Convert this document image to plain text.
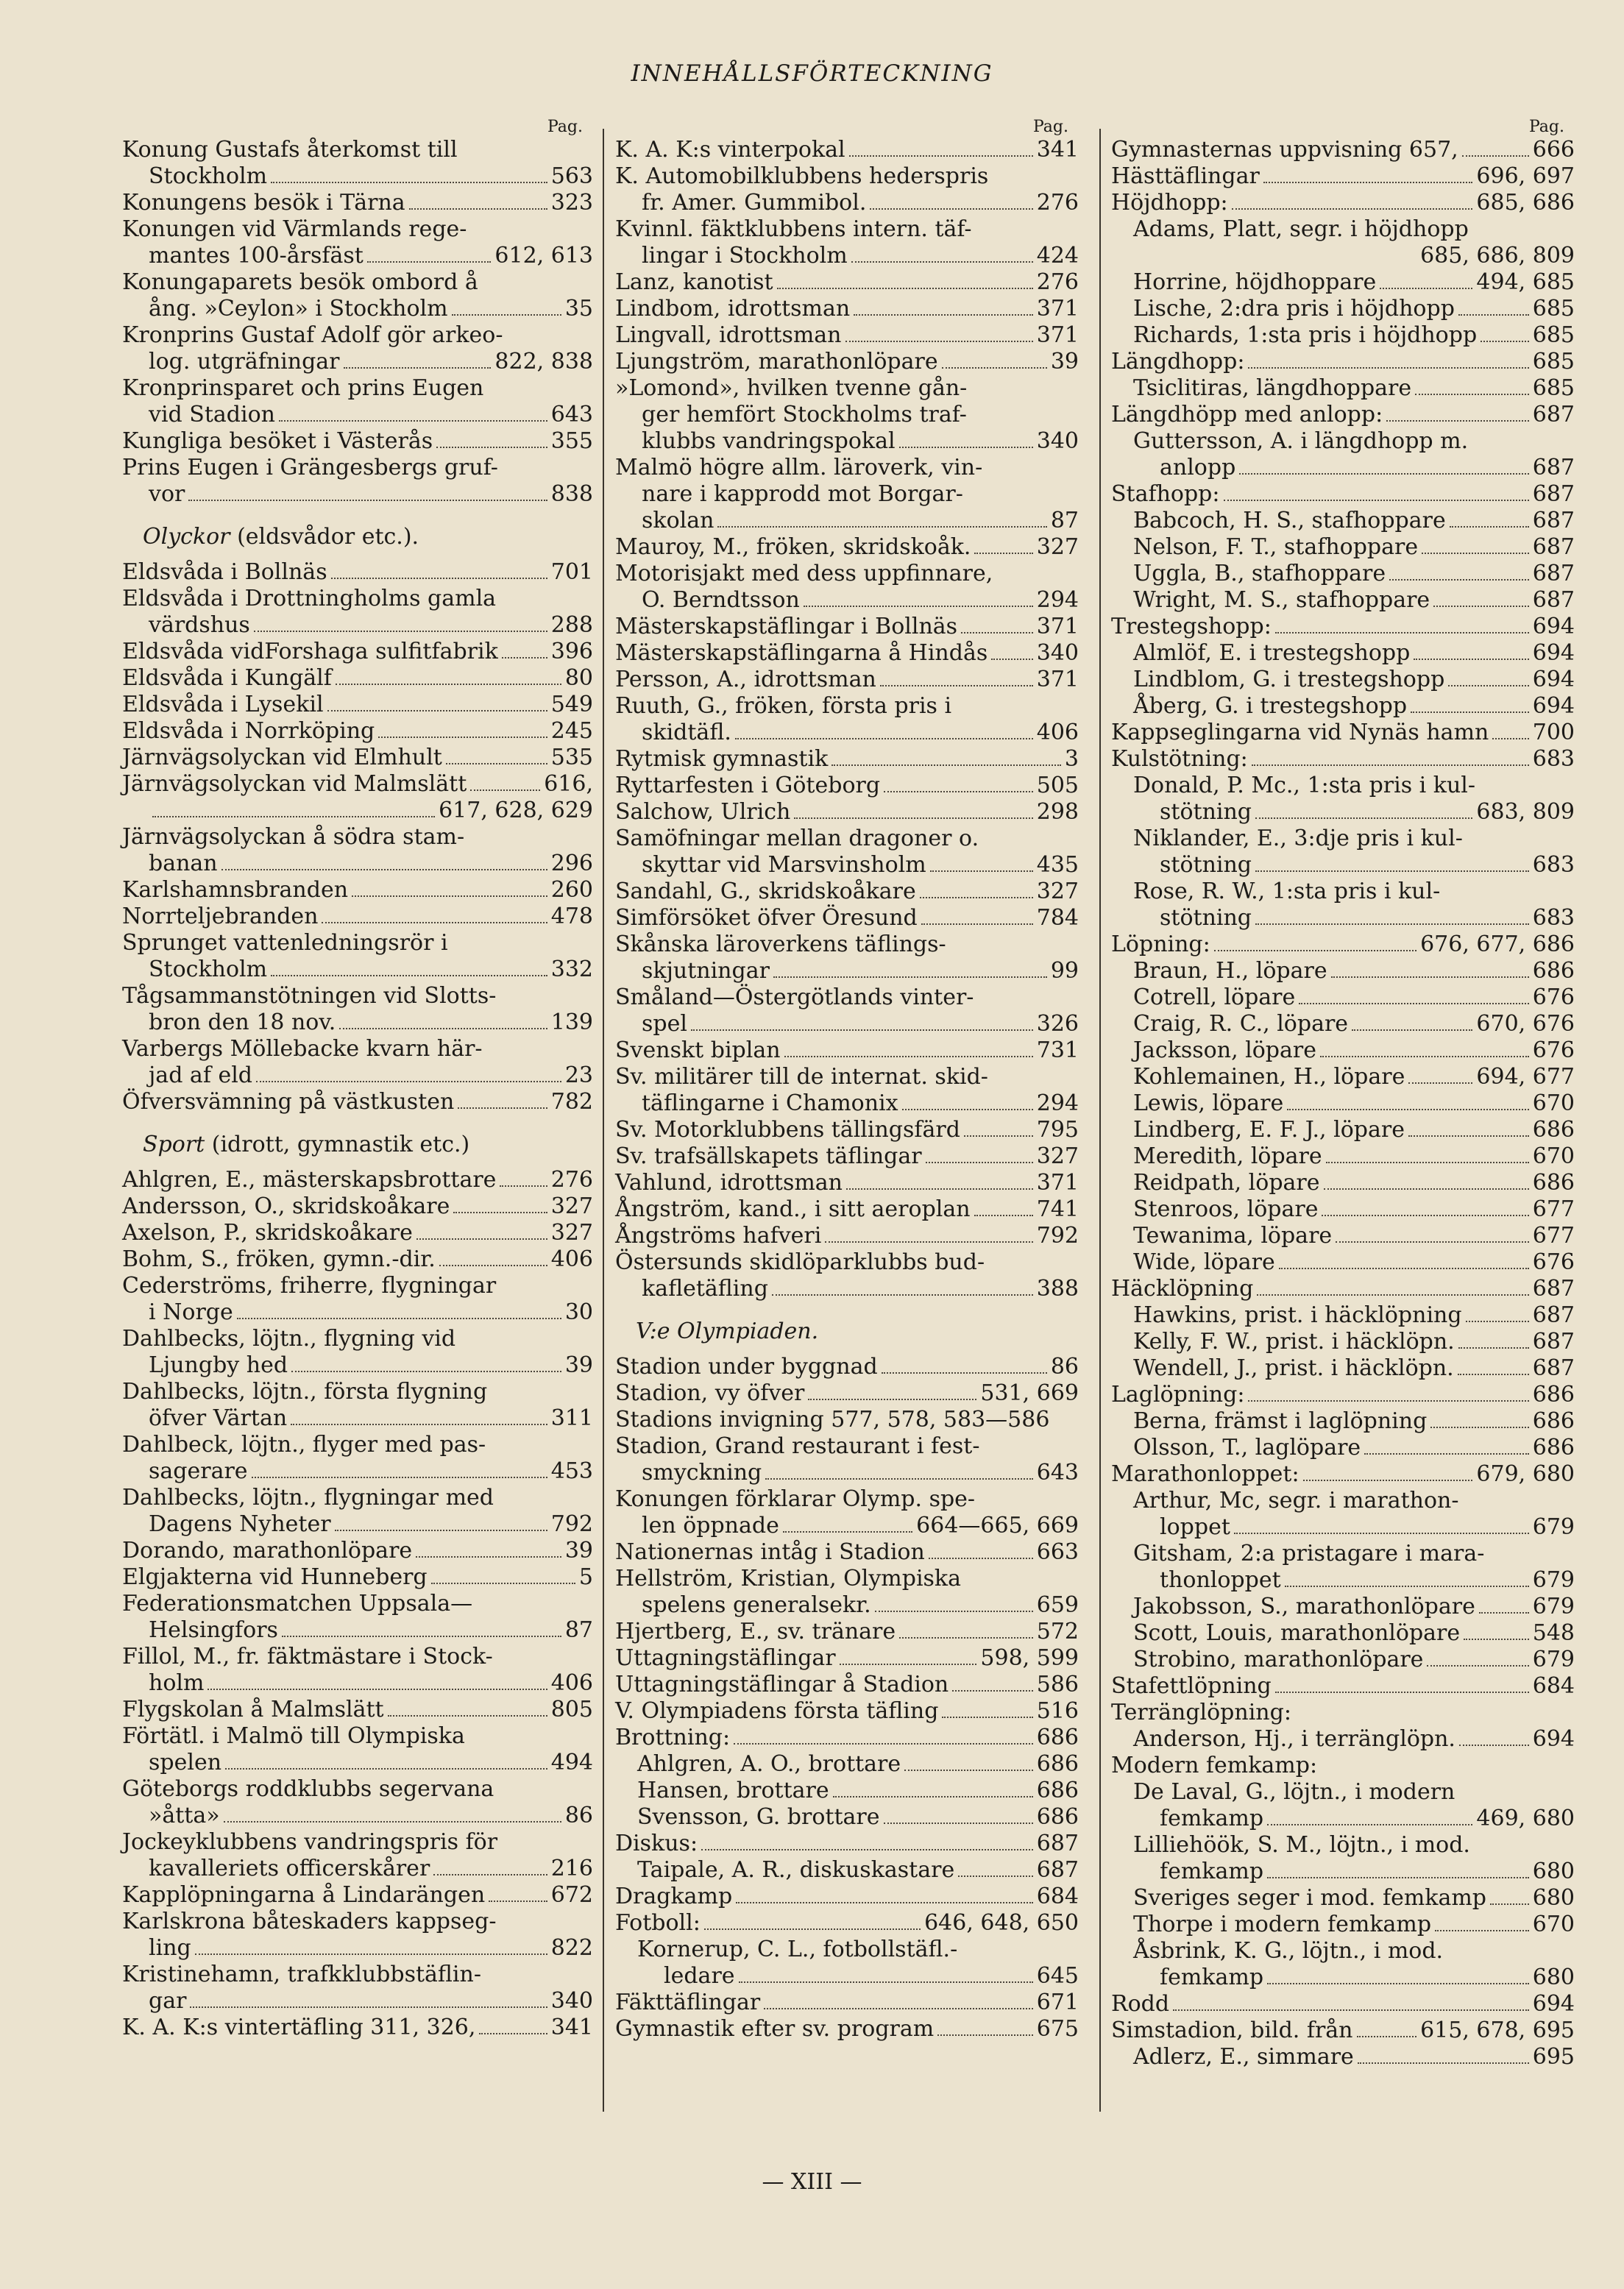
INNEHÅLLSFÖRTECKNING
Pag.
Konung Gustafs återkomst till
Stockholm	563
Konungens besök i Tärna	323
Konungen vid Värmlands rege-
mantes 100-årsfäst	612, 613
Konungaparets besök ombord å
ång. »Ceylon» i Stockholm	35
Kronprins Gustaf Adolf gör arkeo-
log. utgräfningar	822, 838
Kronprinsparet och prins Eugen
vid Stadion	643
Kungliga besöket i Västerås	355
Prins Eugen i Grängesbergs gruf-
vor	838
Olyckor (eldsvådor etc.).
Eldsvåda i Bollnäs	701
Eldsvåda i Drottningholms gamla
värdshus	288
Eldsvåda vidForshaga sulfitfabrik 396
Eldsvåda i Kungälf	80
Eldsvåda i Lysekil	549
Eldsvåda i Norrköping	245
Järnvägsolyckan vid Elmhult	535
Järnvägsolyckan vid Malmslätt	616,
617, 628, 629
Järnvägsolyckan å södra stam-
banan	296
Karlshamnsbranden	260
Norrteljebranden	478
Sprunget vattenledningsrör i
Stockholm	332
Tågsammanstötningen vid Slotts-
bron den 18 nov.	139
Varbergs Möllebacke kvarn här-
jad af eld	23
Öfversvämning på västkusten	782
Sport (idrott, gymnastik etc.)
Ahlgren, E., mästerskapsbrottare 276
Andersson, O., skridskoåkare	327
Axelson, P., skridskoåkare	327
Bohm, S., fröken, gymn.-dir.	406
Cederströms, friherre, flygningar
i Norge	30
Dahlbecks, löjtn., flygning vid
Ljungby hed	39
Dahlbecks, löjtn., första flygning
öfver Värtan	311
Dahlbeck, löjtn., flyger med pas-
sagerare	453
Dahlbecks, löjtn., flygningar med
Dagens Nyheter	792
Dorando, marathonlöpare	39
Elgjakterna vid Hunneberg	5
Federationsmatchen Uppsala—
Helsingfors	87
Fillol, M., fr. fäktmästare i Stock-
holm	406
Flygskolan å Malmslätt	805
Förtätl. i Malmö till Olympiska
spelen	494
Göteborgs roddklubbs segervana
»åtta»	86
Jockeyklubbens vandringspris för
kavalleriets officerskårer	216
Kapplöpningarna å Lindarängen	672
Karlskrona båteskaders kappseg-
ling	822
Kristinehamn, trafkklubbstäflin-
gar	340
K. A. K:s vintertäfling 311, 326,	341
Pag.
K. A. K:s vinterpokal	341
K. Automobilklubbens hederspris
fr. Amer. Gummibol.	276
Kvinnl. fäktklubbens intern. täf-
lingar i Stockholm	424
Lanz, kanotist	276
Lindbom, idrottsman	371
Lingvall, idrottsman	371
Ljungström, marathonlöpare	39
»Lomond», hvilken tvenne gån-
ger hemfört Stockholms traf-
klubbs vandringspokal	340
Malmö högre allm. läroverk, vin-
nare i kapprodd mot Borgar-
skolan	87
Mauroy, M., fröken, skridskoåk.	327
Motorisjakt med dess uppfinnare,
O. Berndtsson	294
Mästerskapstäflingar i Bollnäs	371
Mästerskapstäflingarna å Hindås 340
Persson, A., idrottsman	371
Ruuth, G., fröken, första pris i
skidtäfl.	406
Rytmisk gymnastik	3
Ryttarfesten i Göteborg	505
Salchow, Ulrich	298
Samöfningar mellan dragoner o.
skyttar vid Marsvinsholm	435
Sandahl, G., skridskoåkare	327
Simförsöket öfver Öresund	784
Skånska läroverkens täflings-
skjutningar	99
Småland—Östergötlands vinter-
spel	326
Svenskt biplan	731
Sv. militärer till de internat. skid-
täflingarne i Chamonix	294
Sv. Motorklubbens tällingsfärd	795
Sv. trafsällskapets täflingar	327
Vahlund, idrottsman	371
Ångström, kand., i sitt aeroplan	741
Ångströms hafveri	792
Östersunds skidlöparklubbs bud-
kafletäfling	388
V:e Olympiaden.
Stadion under byggnad	86
Stadion, vy öfver	531, 669
Stadions invigning 577, 578, 583—586
Stadion, Grand restaurant i fest-
smyckning	643
Konungen förklarar Olymp. spe-
len öppnade	664—665, 669
Nationernas intåg i Stadion	663
Hellström, Kristian, Olympiska
spelens generalsekr.	659
Hjertberg, E., sv. tränare	572
Uttagningstäflingar	598, 599
Uttagningstäflingar å Stadion	586
V. Olympiadens första täfling	516
Brottning:	686
Ahlgren, A. O., brottare	686
Hansen, brottare	686
Svensson, G. brottare	686
Diskus:	687
Taipale, A. R., diskuskastare	687
Dragkamp	684
Fotboll:	646, 648, 650
Kornerup, C. L., fotbollstäfl.-
ledare	645
Fäkttäflingar	671
Gymnastik efter sv. program	675
Pag.
Gymnasternas uppvisning 657,	666
Hästtäflingar	696, 697
Höjdhopp:	685, 686
Adams, Platt, segr. i höjdhopp
685, 686, 809
Horrine, höjdhoppare	494, 685
Lische, 2:dra pris i höjdhopp	685
Richards, 1:sta pris i höjdhopp	685
Längdhopp:	685
Tsiclitiras, längdhoppare	685
Längdhöpp med anlopp:	687
Guttersson, A. i längdhopp m.
anlopp	687
Stafhopp:	687
Babcoch, H. S., stafhoppare	687
Nelson, F. T., stafhoppare	687
Uggla, B., stafhoppare	687
Wright, M. S., stafhoppare	687
Trestegshopp:	694
Almlöf, E. i trestegshopp	694
Lindblom, G. i trestegshopp	694
Åberg, G. i trestegshopp	694
Kappseglingarna vid Nynäs hamn 700
Kulstötning:	683
Donald, P. Mc., 1:sta pris i kul-
stötning	683, 809
Niklander, E., 3:dje pris i kul-
stötning	683
Rose, R. W., 1:sta pris i kul-
stötning	683
Löpning:	676, 677, 686
Braun, H., löpare	686
Cotrell, löpare	676
Craig, R. C., löpare	670, 676
Jacksson, löpare	676
Kohlemainen, H., löpare	694, 677
Lewis, löpare	670
Lindberg, E. F. J., löpare	686
Meredith, löpare	670
Reidpath, löpare	686
Stenroos, löpare	677
Tewanima, löpare	677
Wide, löpare	676
Häcklöpning	687
Hawkins, prist. i häcklöpning	687
Kelly, F. W., prist. i häcklöpn.	687
Wendell, J., prist. i häcklöpn.	687
Laglöpning:	686
Berna, främst i laglöpning	686
Olsson, T., laglöpare	686
Marathonloppet:	679, 680
Arthur, Mc, segr. i marathon-
loppet	679
Gitsham, 2:a pristagare i mara-
thonloppet	679
Jakobsson, S., marathonlöpare	679
Scott, Louis, marathonlöpare	548
Strobino, marathonlöpare	679
Stafettlöpning	684
Terränglöpning:
Anderson, Hj., i terränglöpn.	694
Modern femkamp:
De Laval, G., löjtn., i modern
femkamp	469, 680
Lilliehöök, S. M., löjtn., i mod.
femkamp	680
Sveriges seger i mod. femkamp 680
Thorpe i modern femkamp	670
Åsbrink, K. G., löjtn., i mod.
femkamp	680
Rodd	694
Simstadion, bild. från	615, 678, 695
Adlerz, E., simmare	695
— XIII —
